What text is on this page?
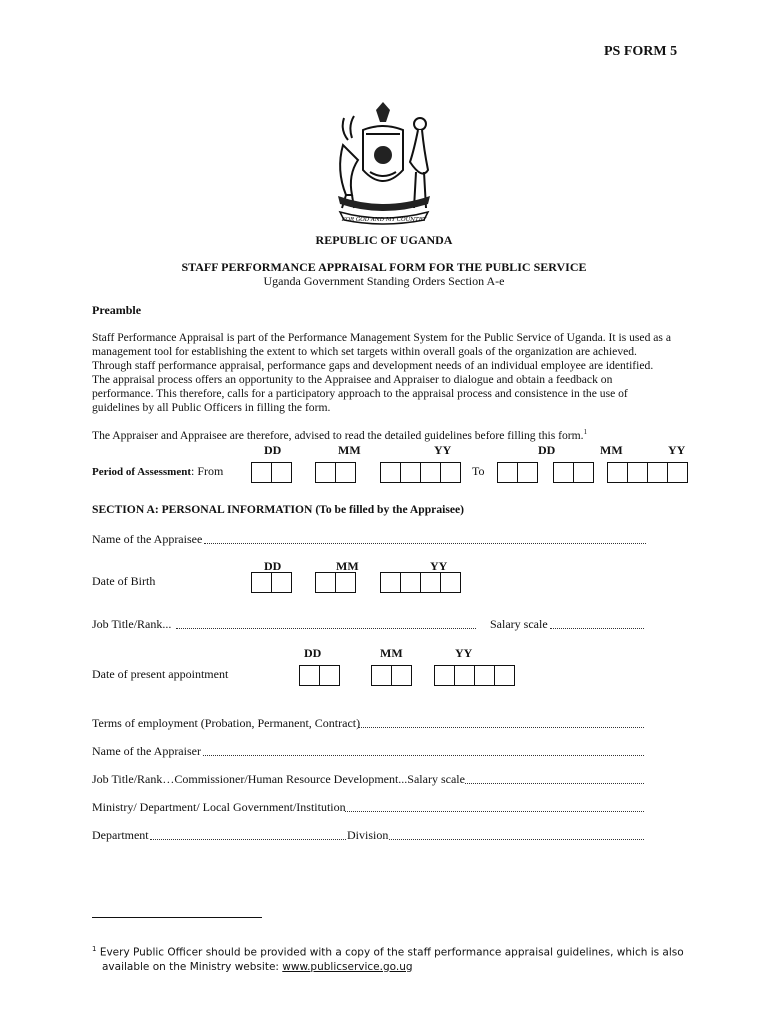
PS FORM 5
FOR GOD AND MY COUNTRY
REPUBLIC OF UGANDA
STAFF PERFORMANCE APPRAISAL FORM FOR THE PUBLIC SERVICE
Uganda Government Standing Orders Section A-e
Preamble
Staff Performance Appraisal is part of the Performance Management System for the Public Service of Uganda. It is used as a
management tool for establishing the extent to which set targets within overall goals of the organization are achieved.
Through staff performance appraisal, performance gaps and development needs of an individual employee are identified.
The appraisal process offers an opportunity to the Appraisee and Appraiser to dialogue and obtain a feedback on
performance. This therefore, calls for a participatory approach to the appraisal process and consistence in the use of
guidelines by all Public Officers in filling the form.
The Appraiser and Appraisee are therefore, advised to read the detailed guidelines before filling this form.$^1$
DD	MM	YY	DD	MM	YY
Period of Assessment: From	To
SECTION A: PERSONAL INFORMATION (To be filled by the Appraisee)
Name of the Appraisee
DD	MM	YY
Date of Birth
Job Title/Rank...	Salary scale
DD	MM	YY
Date of present appointment
Terms of employment (Probation, Permanent, Contract)
Name of the Appraiser
Job Title/Rank…Commissioner/Human Resource Development...Salary scale
Ministry/ Department/ Local Government/Institution
Department	Division
$^1$ Every Public Officer should be provided with a copy of the staff performance appraisal guidelines, which is also
available on the Ministry website: www.publicservice.go.ug
